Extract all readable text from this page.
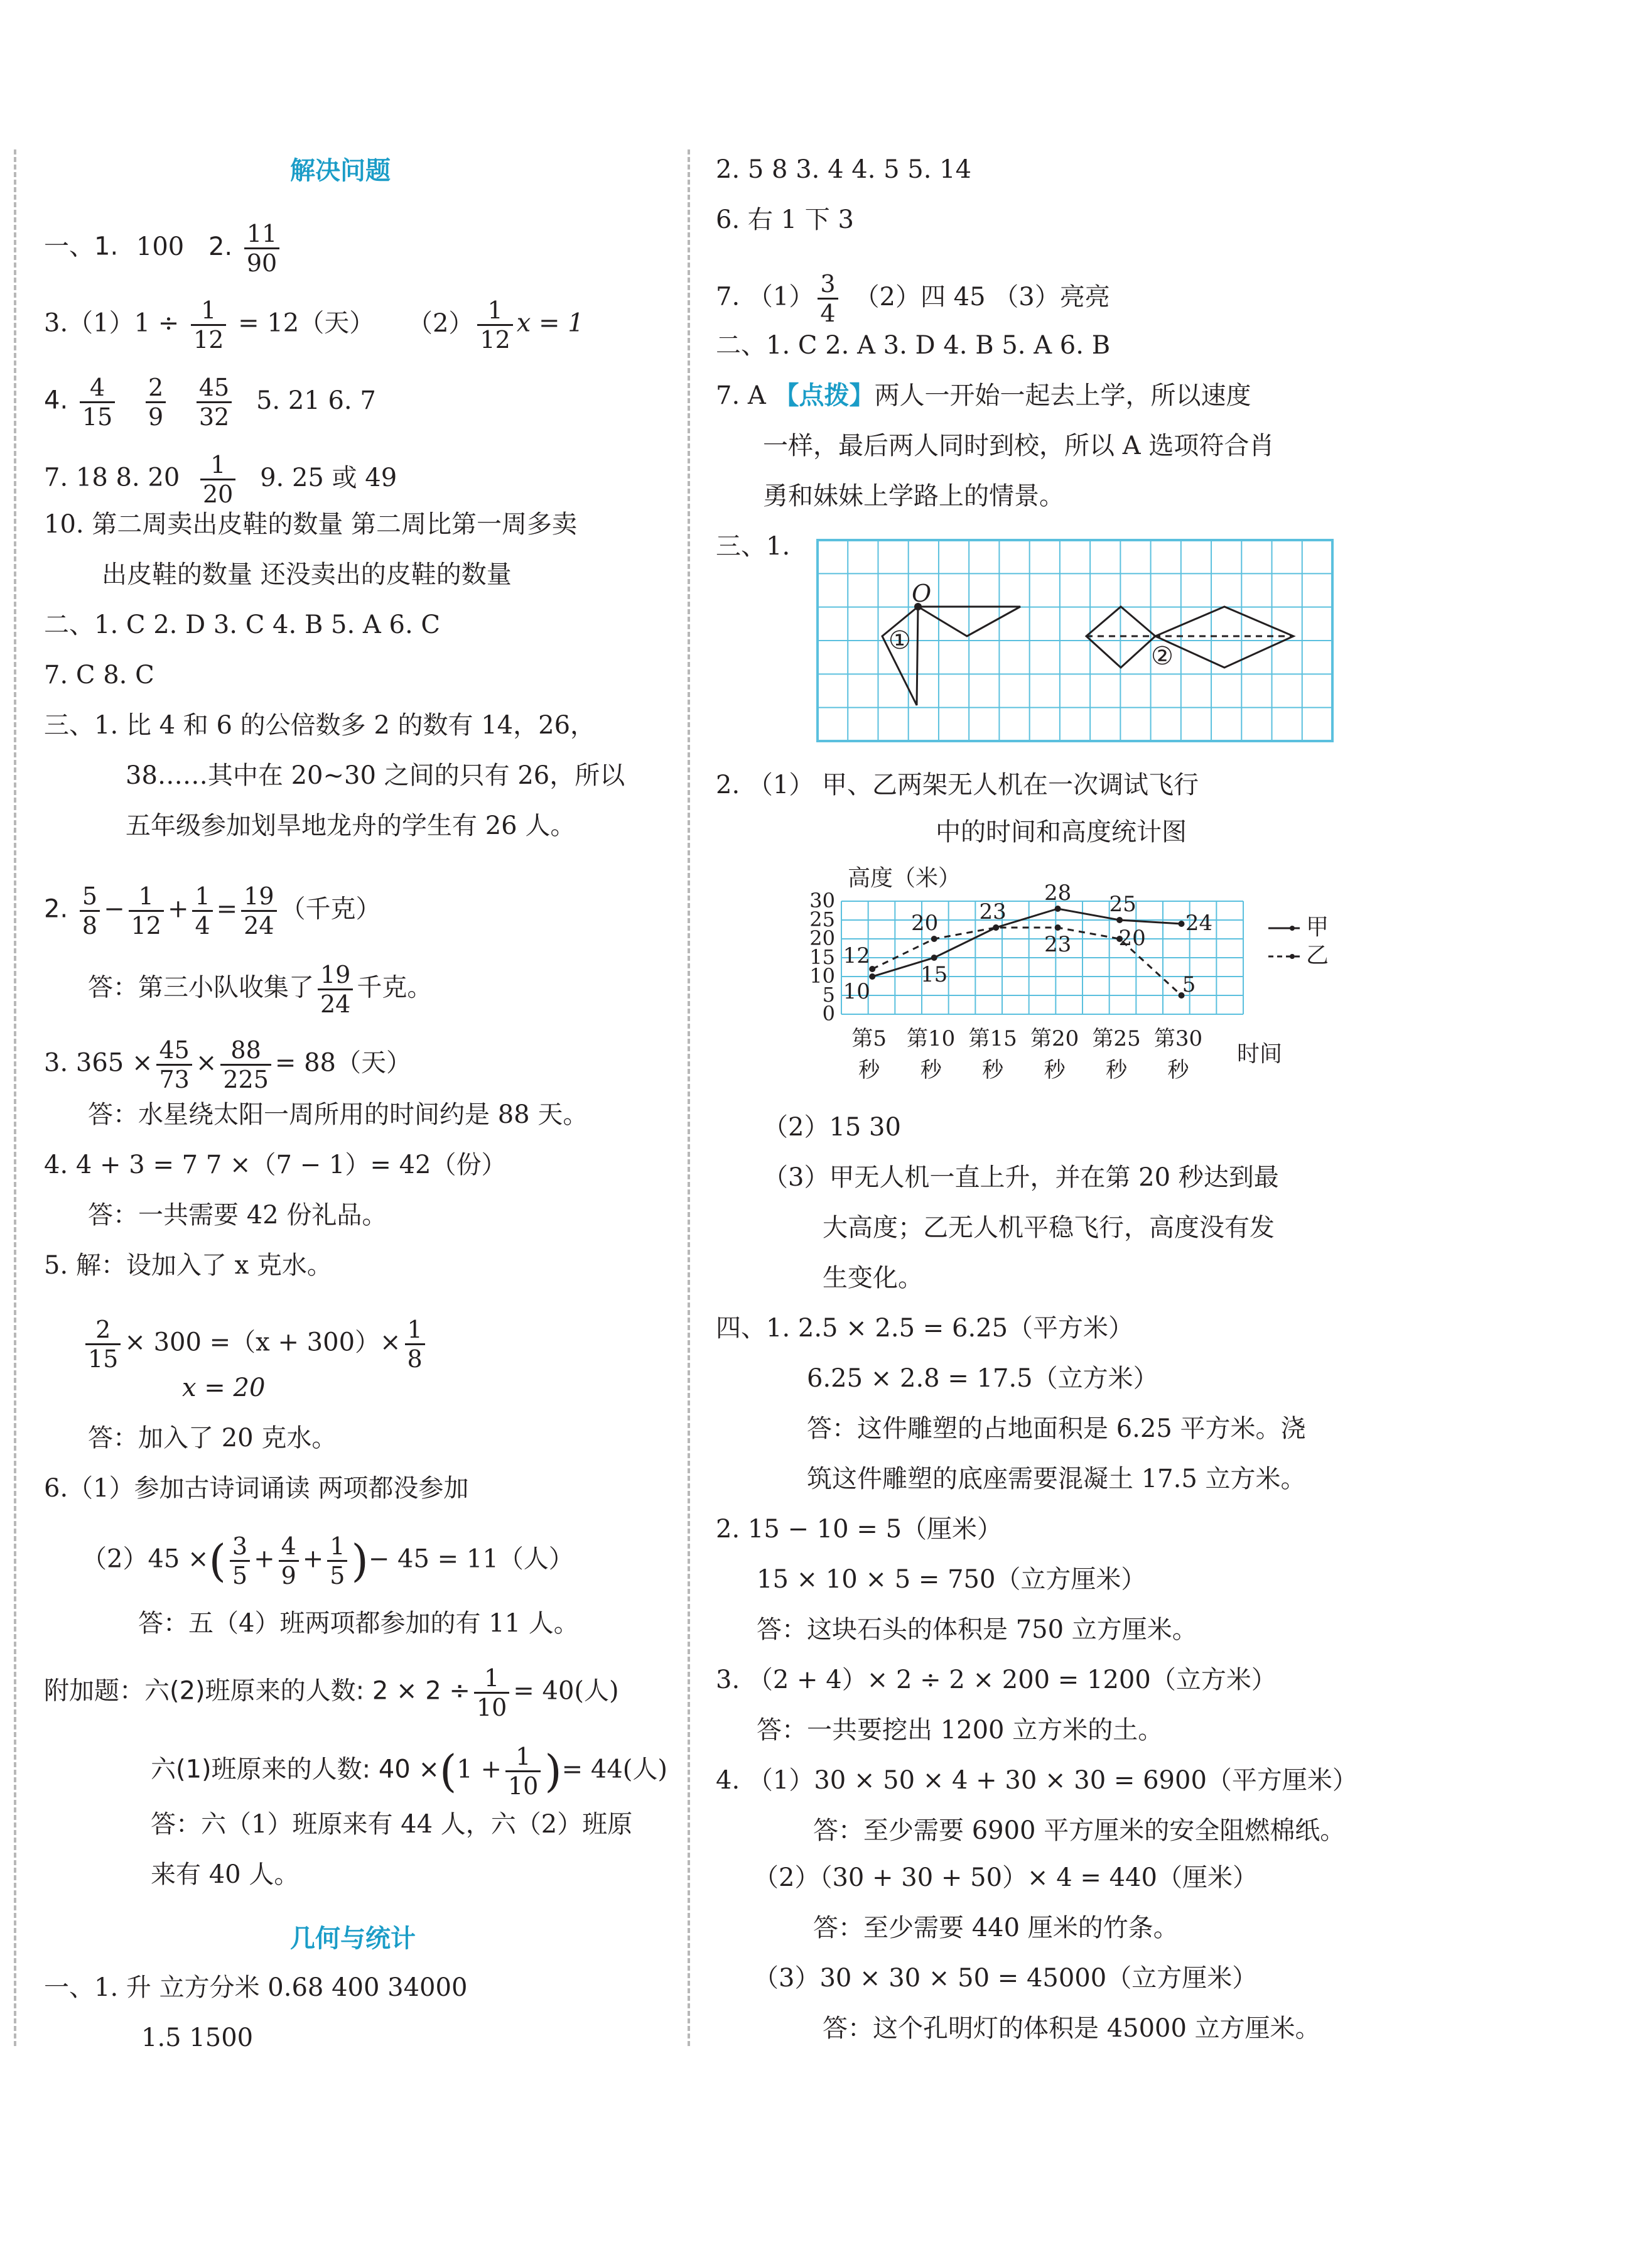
解决问题
一、1. 100 2. $\frac{11}{90}$
$3.(1)1 \div \frac{1}{12} = 12$（天） $(2) \frac{1}{12}$ x = 1
4. $\frac{4}{15}$
$\frac{2}{9}$
$\frac{45}{32} 5$. 21 6. 7
7. 18 8. $20 \frac{1}{20} 9$. 25 或 49
10. 第二周卖出皮鞋的数量 第二周比第一周多卖
出皮鞋的数量 还没卖出的皮鞋的数量
二、1. C 2. D 3. C 4. B 5. A 6. C
7. C 8. C
三、1. 比 4 和 6 的公倍数多 2 的数有 14，26，
38……其中在 20~30 之间的只有 26，所以
五年级参加划旱地龙舟的学生有 26 人。
2. $\frac{5}{8} - \frac{1}{12} + \frac{1}{4} = \frac{19}{24}$ （千克）
答：第三小队收集了 $\frac{19}{24}$ 千克。
3. $365 \times \frac{45}{73} \times \frac{88}{225} = 88$（天）
答：水星绕太阳一周所用的时间约是 88 天。
4. 4 + 3 = 7 7 ×（7 − 1）= 42（份）
答：一共需要 42 份礼品。
5. 解：设加入了 x 克水。
$\frac{2}{15} \times 300 =(x + 300)\times \frac{1}{8}$
x = 20
答：加入了 20 克水。
6.（1）参加古诗词诵读 两项都没参加
（2）45 ×( $\frac{3}{5} + \frac{4}{9} + \frac{1}{5}$ )− 45 = 11（人）
答：五（4）班两项都参加的有 11 人。
附加题：六(2)班原来的人数: $2 \times 2 \div \frac{1}{10} = 40$(人)
六(1)班原来的人数: $40 \times(1 + \frac{1}{10}$ )= 44(人)
答：六（1）班原来有 44 人，六（2）班原
来有 40 人。
几何与统计
一、1. 升 立方分米 0.68 400 34000
1.5 1500
2. 5 8 3. 4 4. 5 5. 14
6. 右 1 下 3
7. $(1) \frac{3}{4} (2)$四 45 （3）亮亮
二、1. C 2. A 3. D 4. B 5. A 6. B
7. A 【点拨】两人一开始一起去上学，所以速度
一样，最后两人同时到校，所以 A 选项符合肖
勇和妹妹上学路上的情景。
三、1.
O
①
②
2. （1） 甲、乙两架无人机在一次调试飞行
中的时间和高度统计图
0
5
10
15
20
25
30
第5
秒
第10
秒
第15
秒
第20
秒
第25
秒
第30
秒
10
15
23
28 25
24
12
20
23 20
5
高度（米）
时间
甲
乙
（2）15 30
（3）甲无人机一直上升，并在第 20 秒达到最
大高度；乙无人机平稳飞行，高度没有发
生变化。
四、1. 2.5 × 2.5 = 6.25（平方米）
6.25 × 2.8 = 17.5（立方米）
答：这件雕塑的占地面积是 6.25 平方米。浇
筑这件雕塑的底座需要混凝土 17.5 立方米。
2. 15 − 10 = 5（厘米）
15 × 10 × 5 = 750（立方厘米）
答：这块石头的体积是 750 立方厘米。
3. （2 + 4）× 2 ÷ 2 × 200 = 1200（立方米）
答：一共要挖出 1200 立方米的土。
4. （1）30 × 50 × 4 + 30 × 30 = 6900（平方厘米）
答：至少需要 6900 平方厘米的安全阻燃棉纸。
（2）（30 + 30 + 50）× 4 = 440（厘米）
答：至少需要 440 厘米的竹条。
（3）30 × 30 × 50 = 45000（立方厘米）
答：这个孔明灯的体积是 45000 立方厘米。
